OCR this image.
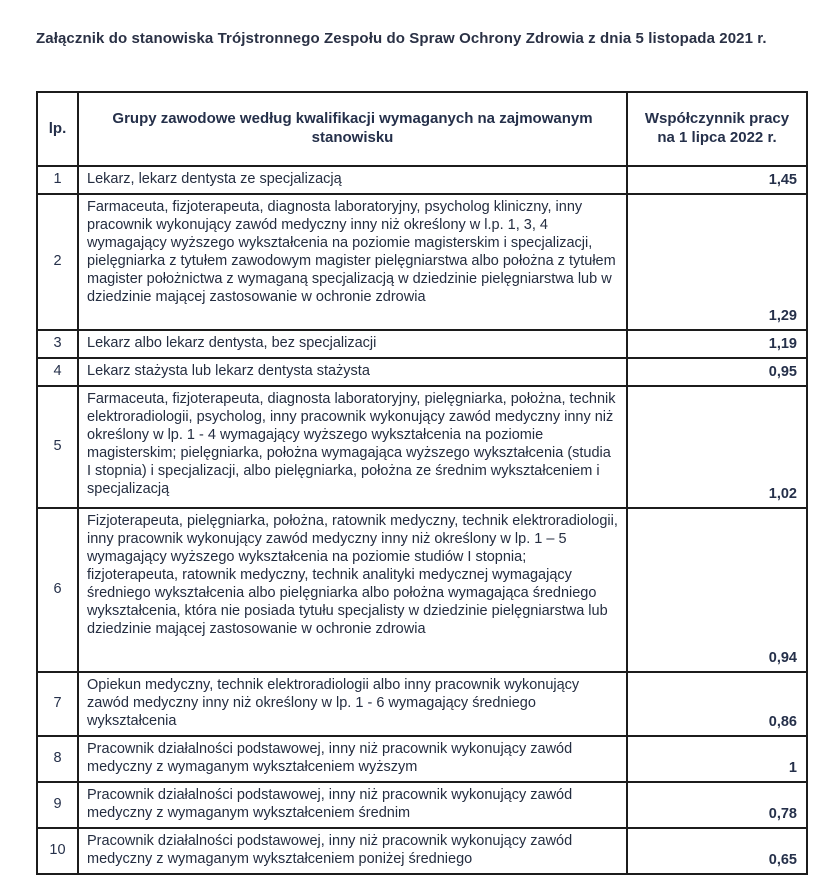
Załącznik do stanowiska Trójstronnego Zespołu do Spraw Ochrony Zdrowia z dnia 5 listopada 2021 r.
lp.	Grupy zawodowe według kwalifikacji wymaganych na zajmowanym stanowisku	Współczynnik pracy na 1 lipca 2022 r.
1	Lekarz, lekarz dentysta ze specjalizacją	1,45
2	Farmaceuta, fizjoterapeuta, diagnosta laboratoryjny, psycholog kliniczny, inny pracownik wykonujący zawód medyczny inny niż określony w l.p. 1, 3, 4 wymagający wyższego wykształcenia na poziomie magisterskim i specjalizacji, pielęgniarka z tytułem zawodowym magister pielęgniarstwa albo położna z tytułem magister położnictwa z wymaganą specjalizacją w dziedzinie pielęgniarstwa lub w dziedzinie mającej zastosowanie w ochronie zdrowia	1,29
3	Lekarz albo lekarz dentysta, bez specjalizacji	1,19
4	Lekarz stażysta lub lekarz dentysta stażysta	0,95
5	Farmaceuta, fizjoterapeuta, diagnosta laboratoryjny, pielęgniarka, położna, technik elektroradiologii, psycholog, inny pracownik wykonujący zawód medyczny inny niż określony w lp. 1 - 4 wymagający wyższego wykształcenia na poziomie magisterskim; pielęgniarka, położna wymagająca wyższego wykształcenia (studia I stopnia) i specjalizacji, albo pielęgniarka, położna ze średnim wykształceniem i specjalizacją	1,02
6	Fizjoterapeuta, pielęgniarka, położna, ratownik medyczny, technik elektroradiologii, inny pracownik wykonujący zawód medyczny inny niż określony w lp. 1 – 5 wymagający wyższego wykształcenia na poziomie studiów I stopnia; fizjoterapeuta, ratownik medyczny, technik analityki medycznej wymagający średniego wykształcenia albo pielęgniarka albo położna wymagająca średniego wykształcenia, która nie posiada tytułu specjalisty w dziedzinie pielęgniarstwa lub dziedzinie mającej zastosowanie w ochronie zdrowia	0,94
7	Opiekun medyczny, technik elektroradiologii albo inny pracownik wykonujący zawód medyczny inny niż określony w lp. 1 - 6 wymagający średniego wykształcenia	0,86
8	Pracownik działalności podstawowej, inny niż pracownik wykonujący zawód medyczny z wymaganym wykształceniem wyższym	1
9	Pracownik działalności podstawowej, inny niż pracownik wykonujący zawód medyczny z wymaganym wykształceniem średnim	0,78
10	Pracownik działalności podstawowej, inny niż pracownik wykonujący zawód medyczny z wymaganym wykształceniem poniżej średniego	0,65
